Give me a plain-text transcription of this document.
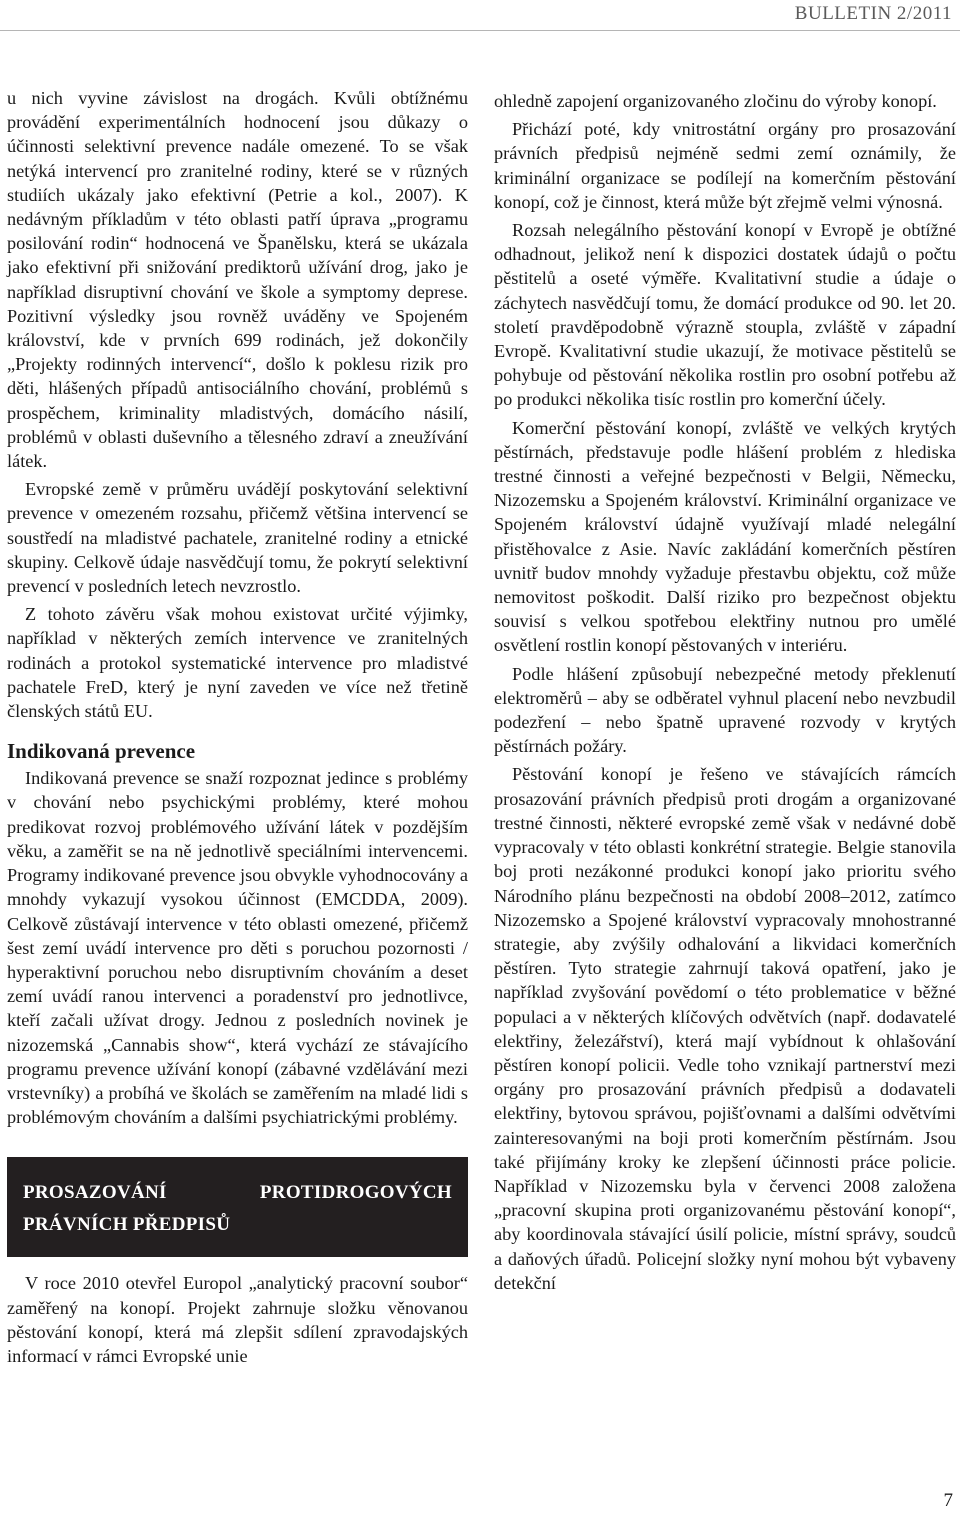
BULLETIN 2/2011

u nich vyvine závislost na drogách. Kvůli obtížnému provádění experimentálních hodnocení jsou důkazy o účinnosti selektivní prevence nadále omezené. To se však netýká intervencí pro zranitelné rodiny, které se v různých studiích ukázaly jako efektivní (Petrie a kol., 2007). K nedávným příkladům v této oblasti patří úprava „programu posilování rodin“ hodnocená ve Španělsku, která se ukázala jako efektivní při snižování prediktorů užívání drog, jako je například disruptivní chování ve škole a symptomy deprese. Pozitivní výsledky jsou rovněž uváděny ve Spojeném království, kde v prvních 699 rodinách, jež dokončily „Projekty rodinných intervencí“, došlo k poklesu rizik pro děti, hlášených případů antisociálního chování, problémů s prospěchem, kriminality mladistvých, domácího násilí, problémů v oblasti duševního a tělesného zdraví a zneužívání látek.

Evropské země v průměru uvádějí poskytování selektivní prevence v omezeném rozsahu, přičemž většina intervencí se soustředí na mladistvé pachatele, zranitelné rodiny a etnické skupiny. Celkově údaje nasvědčují tomu, že pokrytí selektivní prevencí v posledních letech nevzrostlo.

Z tohoto závěru však mohou existovat určité výjimky, například v některých zemích intervence ve zranitelných rodinách a protokol systematické intervence pro mladistvé pachatele FreD, který je nyní zaveden ve více než třetině členských států EU.

Indikovaná prevence

Indikovaná prevence se snaží rozpoznat jedince s problémy v chování nebo psychickými problémy, které mohou predikovat rozvoj problémového užívání látek v pozdějším věku, a zaměřit se na ně jednotlivě speciálními intervencemi. Programy indikované prevence jsou obvykle vyhodnocovány a mnohdy vykazují vysokou účinnost (EMCDDA, 2009). Celkově zůstávají intervence v této oblasti omezené, přičemž šest zemí uvádí intervence pro děti s poruchou pozornosti / hyperaktivní poruchou nebo disruptivním chováním a deset zemí uvádí ranou intervenci a poradenství pro jednotlivce, kteří začali užívat drogy. Jednou z posledních novinek je nizozemská „Cannabis show“, která vychází ze stávajícího programu prevence užívání konopí (zábavné vzdělávání mezi vrstevníky) a probíhá ve školách se zaměřením na mladé lidi s problémovým chováním a dalšími psychiatrickými problémy.

PROSAZOVÁNÍ PROTIDROGOVÝCH PRÁVNÍCH PŘEDPISŮ

V roce 2010 otevřel Europol „analytický pracovní soubor“ zaměřený na konopí. Projekt zahrnuje složku věnovanou pěstování konopí, která má zlepšit sdílení zpravodajských informací v rámci Evropské unie

ohledně zapojení organizovaného zločinu do výroby konopí.

Přichází poté, kdy vnitrostátní orgány pro prosazování právních předpisů nejméně sedmi zemí oznámily, že kriminální organizace se podílejí na komerčním pěstování konopí, což je činnost, která může být zřejmě velmi výnosná.

Rozsah nelegálního pěstování konopí v Evropě je obtížné odhadnout, jelikož není k dispozici dostatek údajů o počtu pěstitelů a oseté výměře. Kvalitativní studie a údaje o záchytech nasvědčují tomu, že domácí produkce od 90. let 20. století pravděpodobně výrazně stoupla, zvláště v západní Evropě. Kvalitativní studie ukazují, že motivace pěstitelů se pohybuje od pěstování několika rostlin pro osobní potřebu až po produkci několika tisíc rostlin pro komerční účely.

Komerční pěstování konopí, zvláště ve velkých krytých pěstírnách, představuje podle hlášení problém z hlediska trestné činnosti a veřejné bezpečnosti v Belgii, Německu, Nizozemsku a Spojeném království. Kriminální organizace ve Spojeném království údajně využívají mladé nelegální přistěhovalce z Asie. Navíc zakládání komerčních pěstíren uvnitř budov mnohdy vyžaduje přestavbu objektu, což může nemovitost poškodit. Další riziko pro bezpečnost objektu souvisí s velkou spotřebou elektřiny nutnou pro umělé osvětlení rostlin konopí pěstovaných v interiéru.

Podle hlášení způsobují nebezpečné metody překlenutí elektroměrů – aby se odběratel vyhnul placení nebo nevzbudil podezření – nebo špatně upravené rozvody v krytých pěstírnách požáry.

Pěstování konopí je řešeno ve stávajících rámcích prosazování právních předpisů proti drogám a organizované trestné činnosti, některé evropské země však v nedávné době vypracovaly v této oblasti konkrétní strategie. Belgie stanovila boj proti nezákonné produkci konopí jako prioritu svého Národního plánu bezpečnosti na období 2008–2012, zatímco Nizozemsko a Spojené království vypracovaly mnohostranné strategie, aby zvýšily odhalování a likvidaci komerčních pěstíren. Tyto strategie zahrnují taková opatření, jako je například zvyšování povědomí o této problematice v běžné populaci a v některých klíčových odvětvích (např. dodavatelé elektřiny, železářství), která mají vybídnout k ohlašování pěstíren konopí policii. Vedle toho vznikají partnerství mezi orgány pro prosazování právních předpisů a dodavateli elektřiny, bytovou správou, pojišťovnami a dalšími odvětvími zainteresovanými na boji proti komerčním pěstírnám. Jsou také přijímány kroky ke zlepšení účinnosti práce policie. Například v Nizozemsku byla v červenci 2008 založena „pracovní skupina proti organizovanému pěstování konopí“, aby koordinovala stávající úsilí policie, místní správy, soudců a daňových úřadů. Policejní složky nyní mohou být vybaveny detekční

7
